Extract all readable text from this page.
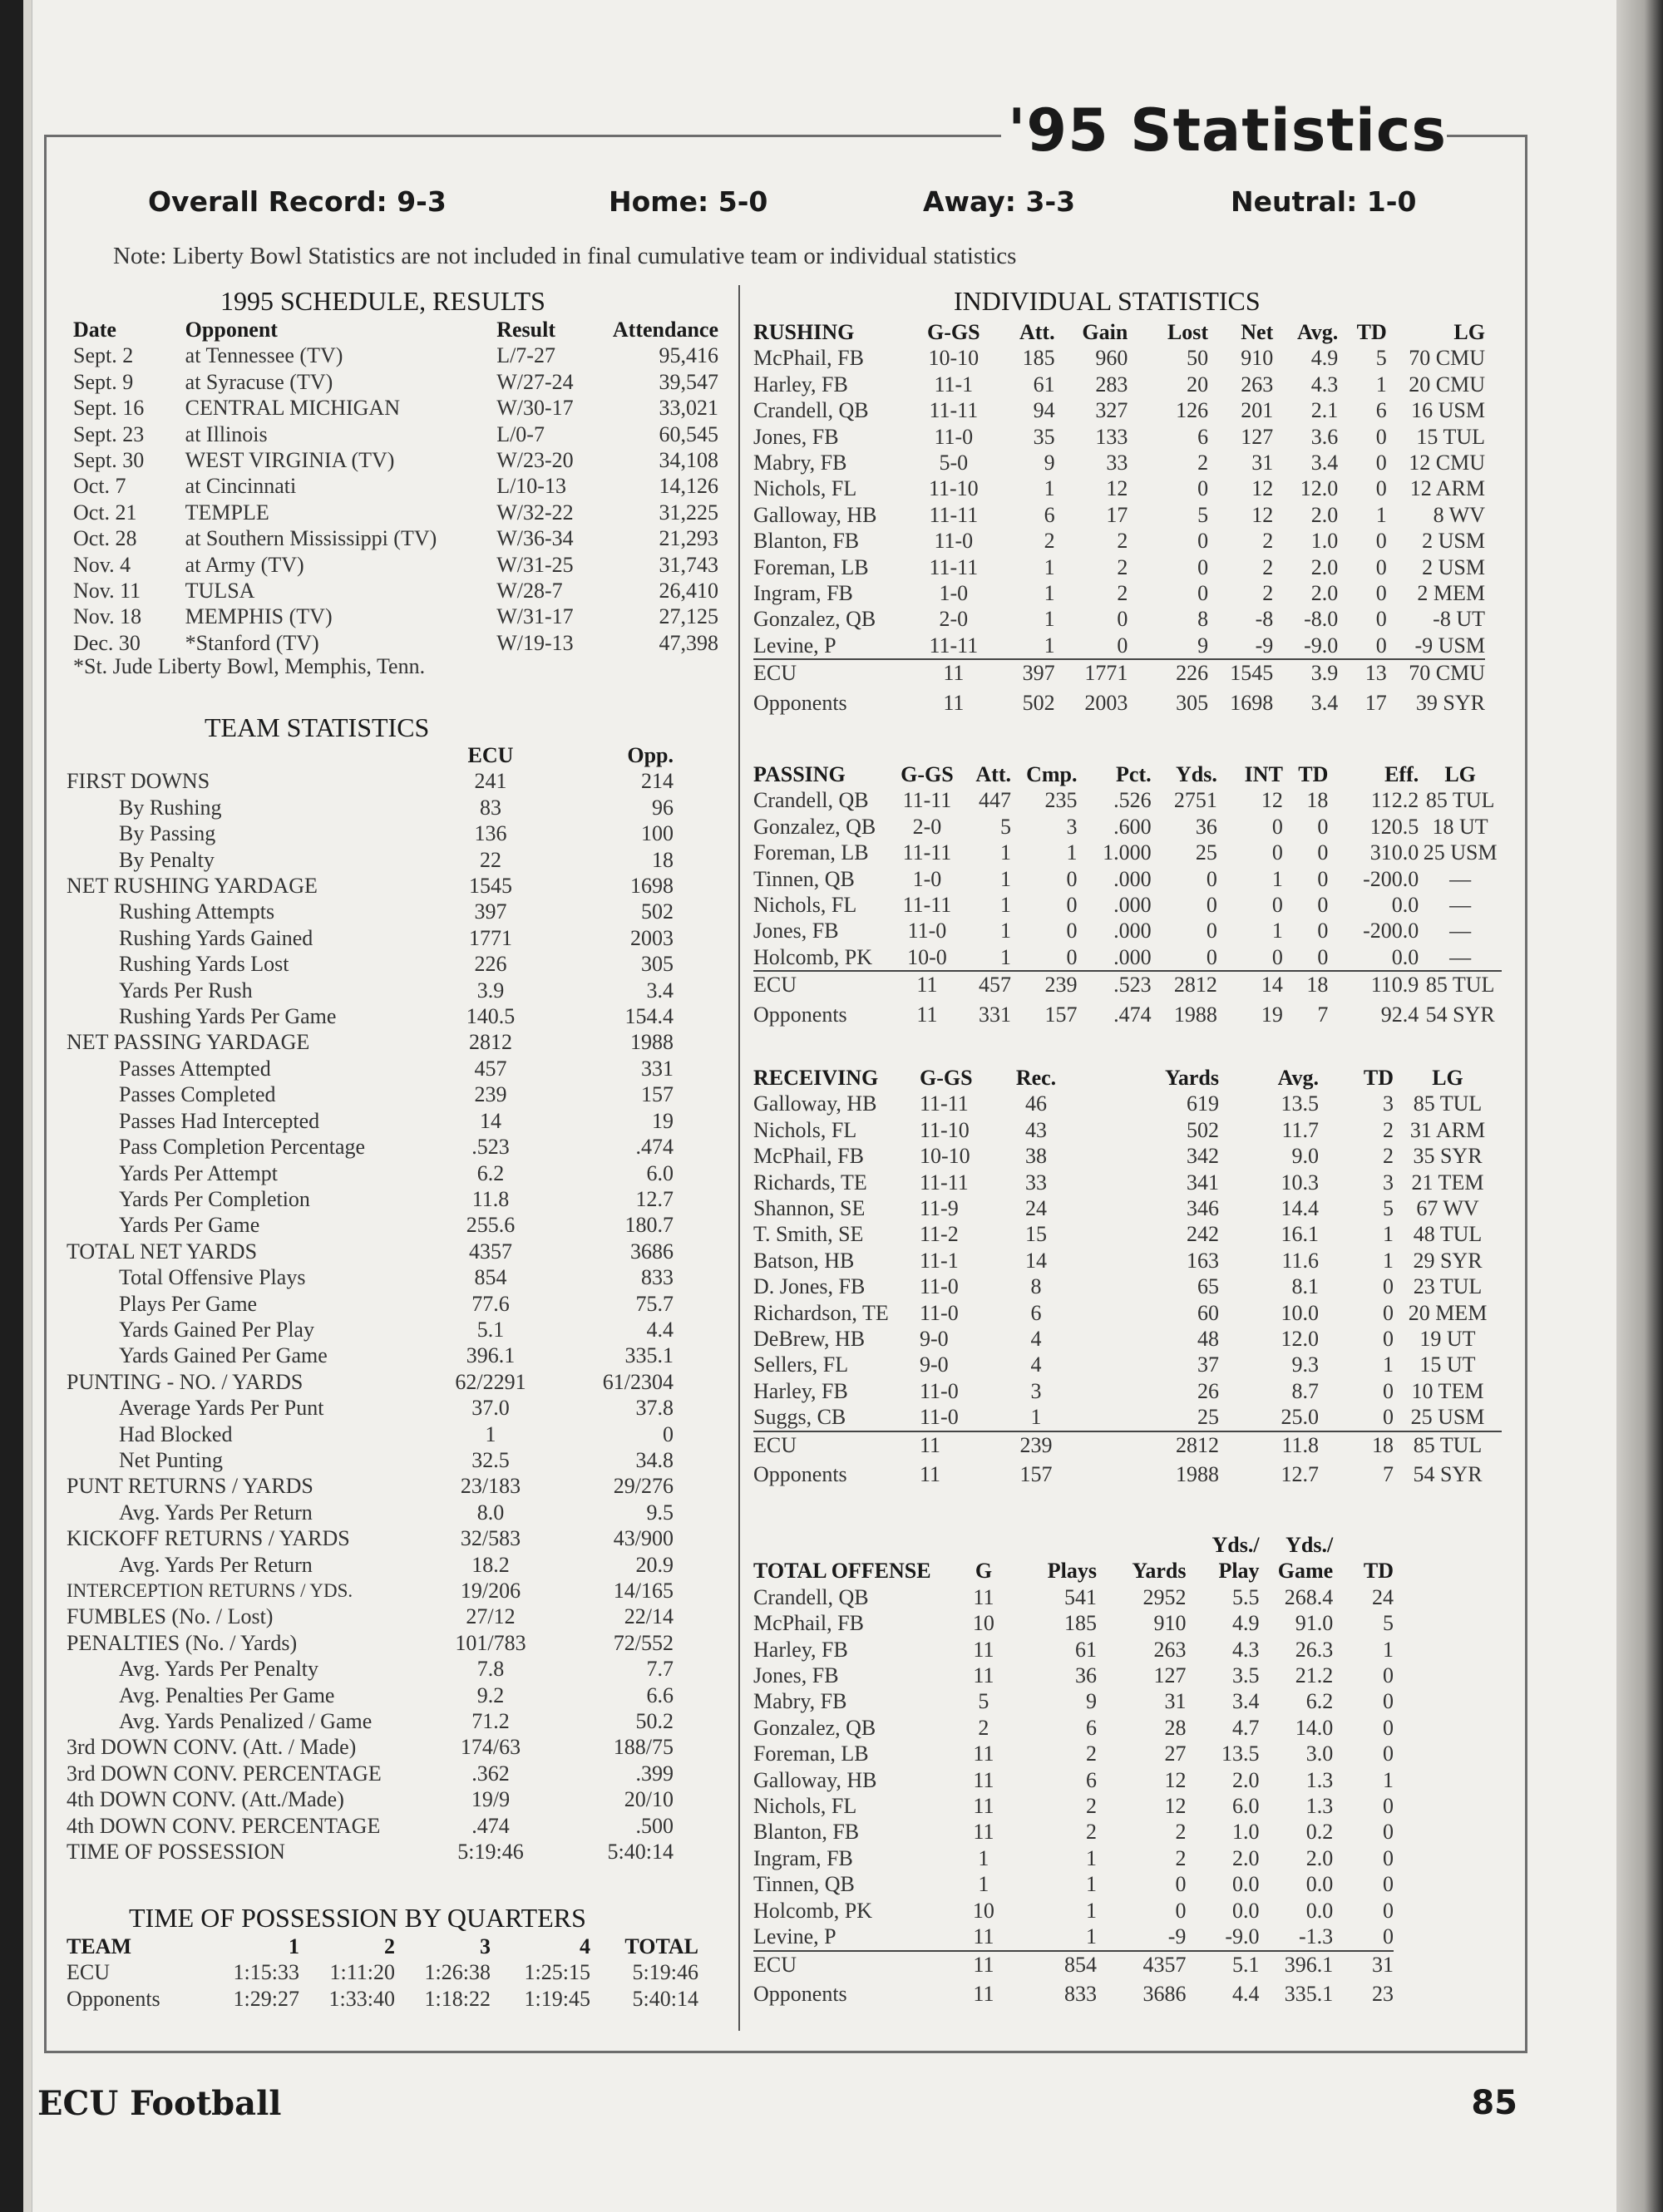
'95 Statistics
Overall Record: 9-3	Home: 5-0	Away: 3-3	Neutral: 1-0
Note: Liberty Bowl Statistics are not included in final cumulative team or individual statistics
1995 SCHEDULE, RESULTS
Date	Opponent	Result	Attendance
Sept. 2	at Tennessee (TV)	L/7-27	95,416
Sept. 9	at Syracuse (TV)	W/27-24	39,547
Sept. 16	CENTRAL MICHIGAN	W/30-17	33,021
Sept. 23	at Illinois	L/0-7	60,545
Sept. 30	WEST VIRGINIA (TV)	W/23-20	34,108
Oct. 7	at Cincinnati	L/10-13	14,126
Oct. 21	TEMPLE	W/32-22	31,225
Oct. 28	at Southern Mississippi (TV)	W/36-34	21,293
Nov. 4	at Army (TV)	W/31-25	31,743
Nov. 11	TULSA	W/28-7	26,410
Nov. 18	MEMPHIS (TV)	W/31-17	27,125
Dec. 30	*Stanford (TV)	W/19-13	47,398
*St. Jude Liberty Bowl, Memphis, Tenn.
TEAM STATISTICS
	ECU	Opp.
FIRST DOWNS	241	214
By Rushing	83	96
By Passing	136	100
By Penalty	22	18
NET RUSHING YARDAGE	1545	1698
Rushing Attempts	397	502
Rushing Yards Gained	1771	2003
Rushing Yards Lost	226	305
Yards Per Rush	3.9	3.4
Rushing Yards Per Game	140.5	154.4
NET PASSING YARDAGE	2812	1988
Passes Attempted	457	331
Passes Completed	239	157
Passes Had Intercepted	14	19
Pass Completion Percentage	.523	.474
Yards Per Attempt	6.2	6.0
Yards Per Completion	11.8	12.7
Yards Per Game	255.6	180.7
TOTAL NET YARDS	4357	3686
Total Offensive Plays	854	833
Plays Per Game	77.6	75.7
Yards Gained Per Play	5.1	4.4
Yards Gained Per Game	396.1	335.1
PUNTING - NO. / YARDS	62/2291	61/2304
Average Yards Per Punt	37.0	37.8
Had Blocked	1	0
Net Punting	32.5	34.8
PUNT RETURNS / YARDS	23/183	29/276
Avg. Yards Per Return	8.0	9.5
KICKOFF RETURNS / YARDS	32/583	43/900
Avg. Yards Per Return	18.2	20.9
INTERCEPTION RETURNS / YDS.	19/206	14/165
FUMBLES (No. / Lost)	27/12	22/14
PENALTIES (No. / Yards)	101/783	72/552
Avg. Yards Per Penalty	7.8	7.7
Avg. Penalties Per Game	9.2	6.6
Avg. Yards Penalized / Game	71.2	50.2
3rd DOWN CONV. (Att. / Made)	174/63	188/75
3rd DOWN CONV. PERCENTAGE	.362	.399
4th DOWN CONV. (Att./Made)	19/9	20/10
4th DOWN CONV. PERCENTAGE	.474	.500
TIME OF POSSESSION	5:19:46	5:40:14
TIME OF POSSESSION BY QUARTERS
TEAM	1	2	3	4	TOTAL
ECU	1:15:33	1:11:20	1:26:38	1:25:15	5:19:46
Opponents	1:29:27	1:33:40	1:18:22	1:19:45	5:40:14
INDIVIDUAL STATISTICS
RUSHING	G-GS	Att.	Gain	Lost	Net	Avg.	TD	LG
McPhail, FB	10-10	185	960	50	910	4.9	5	70 CMU
Harley, FB	11-1	61	283	20	263	4.3	1	20 CMU
Crandell, QB	11-11	94	327	126	201	2.1	6	16 USM
Jones, FB	11-0	35	133	6	127	3.6	0	15 TUL
Mabry, FB	5-0	9	33	2	31	3.4	0	12 CMU
Nichols, FL	11-10	1	12	0	12	12.0	0	12 ARM
Galloway, HB	11-11	6	17	5	12	2.0	1	8 WV
Blanton, FB	11-0	2	2	0	2	1.0	0	2 USM
Foreman, LB	11-11	1	2	0	2	2.0	0	2 USM
Ingram, FB	1-0	1	2	0	2	2.0	0	2 MEM
Gonzalez, QB	2-0	1	0	8	-8	-8.0	0	-8 UT
Levine, P	11-11	1	0	9	-9	-9.0	0	-9 USM
ECU	11	397	1771	226	1545	3.9	13	70 CMU
Opponents	11	502	2003	305	1698	3.4	17	39 SYR
PASSING	G-GS	Att.	Cmp.	Pct.	Yds.	INT	TD	Eff.	LG
Crandell, QB	11-11	447	235	.526	2751	12	18	112.2	85 TUL
Gonzalez, QB	2-0	5	3	.600	36	0	0	120.5	18 UT
Foreman, LB	11-11	1	1	1.000	25	0	0	310.0	25 USM
Tinnen, QB	1-0	1	0	.000	0	1	0	-200.0	—
Nichols, FL	11-11	1	0	.000	0	0	0	0.0	—
Jones, FB	11-0	1	0	.000	0	1	0	-200.0	—
Holcomb, PK	10-0	1	0	.000	0	0	0	0.0	—
ECU	11	457	239	.523	2812	14	18	110.9	85 TUL
Opponents	11	331	157	.474	1988	19	7	92.4	54 SYR
RECEIVING	G-GS	Rec.	Yards	Avg.	TD	LG
Galloway, HB	11-11	46	619	13.5	3	85 TUL
Nichols, FL	11-10	43	502	11.7	2	31 ARM
McPhail, FB	10-10	38	342	9.0	2	35 SYR
Richards, TE	11-11	33	341	10.3	3	21 TEM
Shannon, SE	11-9	24	346	14.4	5	67 WV
T. Smith, SE	11-2	15	242	16.1	1	48 TUL
Batson, HB	11-1	14	163	11.6	1	29 SYR
D. Jones, FB	11-0	8	65	8.1	0	23 TUL
Richardson, TE	11-0	6	60	10.0	0	20 MEM
DeBrew, HB	9-0	4	48	12.0	0	19 UT
Sellers, FL	9-0	4	37	9.3	1	15 UT
Harley, FB	11-0	3	26	8.7	0	10 TEM
Suggs, CB	11-0	1	25	25.0	0	25 USM
ECU	11	239	2812	11.8	18	85 TUL
Opponents	11	157	1988	12.7	7	54 SYR
				Yds./	Yds./	
TOTAL OFFENSE	G	Plays	Yards	Play	Game	TD
Crandell, QB	11	541	2952	5.5	268.4	24
McPhail, FB	10	185	910	4.9	91.0	5
Harley, FB	11	61	263	4.3	26.3	1
Jones, FB	11	36	127	3.5	21.2	0
Mabry, FB	5	9	31	3.4	6.2	0
Gonzalez, QB	2	6	28	4.7	14.0	0
Foreman, LB	11	2	27	13.5	3.0	0
Galloway, HB	11	6	12	2.0	1.3	1
Nichols, FL	11	2	12	6.0	1.3	0
Blanton, FB	11	2	2	1.0	0.2	0
Ingram, FB	1	1	2	2.0	2.0	0
Tinnen, QB	1	1	0	0.0	0.0	0
Holcomb, PK	10	1	0	0.0	0.0	0
Levine, P	11	1	-9	-9.0	-1.3	0
ECU	11	854	4357	5.1	396.1	31
Opponents	11	833	3686	4.4	335.1	23
ECU Football	85
